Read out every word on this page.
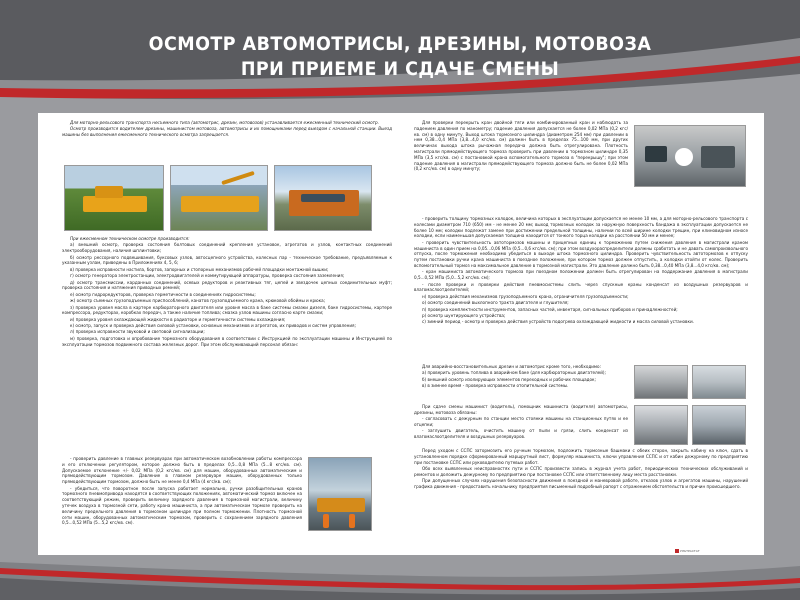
ОСМОТР АВТОМОТРИСЫ, ДРЕЗИНЫ, МОТОВОЗА
ПРИ ПРИЕМЕ И СДАЧЕ СМЕНЫ

Для моторно-рельсового транспорта несъемного типа (автомотрис, дрезин, мотовозов) устанавливается ежесменный технический осмотр.

Осмотр производится водителем дрезины, машинистом мотовоза, автомотрисы и их помощниками перед выездом с начальной станции. Выезд машины без выполнения ежесменного технического осмотра запрещается.

При ежесменном техническом осмотре производится:

а) внешний осмотр, проверка состояния болтовых соединений крепления установок, агрегатов и узлов, контактных соединений электрооборудования, наличия шплинтовки;

б) осмотр рессорного подвешивания, буксовых узлов, автосцепного устройства, колесных пар - техническое требование, предъявляемые к указанным узлам, приведены в Приложениях 4, 5, 6;

в) проверка исправности настила, бортов, запорных и стопорных механизмов рабочей площадки монтажной вышки;

г) осмотр генератора электростанции, электродвигателей и коммутирующей аппаратуры, проверка состояния заземления;

д) осмотр трансмиссии, карданных соединений, осевых редукторов и реактивных тяг, цепей и звездочек цепных соединительных муфт; проверка состояния и натяжения приводных ремней;

е) осмотр гидроредукторов, проверка герметичности в соединениях гидросистемы;

ж) осмотр съемных грузоподъемных приспособлений, канатов грузоподъемного крана, крюковой обоймы и крюка;

з) проверка уровня масла в картере карбюраторного двигателя или уровня масла в баке системы смазки дизеля, баке гидросистемы, картере компрессора, редукторах, коробках передач, а также наличие топлива; смазка узлов машины согласно карте смазки;

и) проверка уровня охлаждающей жидкости в радиаторе и герметичности системы охлаждения;

к) осмотр, запуск и проверка действия силовой установки, основных механизмов и агрегатов, их приводов и систем управления;

л) проверка исправности звуковой и световой сигнализации;

м) проверка, подготовка и опробование тормозного оборудования в соответствии с Инструкцией по эксплуатации машины и Инструкцией по эксплуатации тормозов подвижного состава железных дорог. При этом обслуживающий персонал обязан:

- проверить давление в главных резервуарах при автоматическом возобновлении работы компрессора и его отключении регулятором, которое должно быть в пределах 0,5...0,8 МПа (5...8 кгс/кв. см). Допускаемое отклонение +/- 0,02 МПа (0,2 кгс/кв. см) для машин, оборудованных автоматическим и прямодействующим тормозом. Давление в главном резервуаре машин, оборудованных только прямодействующим тормозом, должно быть не менее 0,4 МПа (4 кгс/кв. см);

- убедиться, что поворотное после запуска работает нормально, ручки разобщительных кранов тормозного пневмопривода находятся в соответствующих положениях, автоматический тормоз включен на соответствующий режим, проверить величину зарядного давления в тормозной магистрали, величину утечек воздуха в тормозной сети, работу крана машиниста, а при автоматическом тормозе проверить на величину предельного давления в тормозном цилиндре при полном торможении. Плотность тормозной сети машин, оборудованных автоматическим тормозом, проверить с сохранением зарядного давления 0,5...0,52 МПа (5...5,2 кгс/кв. см).

Для проверки перекрыть кран двойной тяги или комбинированный кран и наблюдать за падением давления по манометру; падение давления допускается не более 0,02 МПа (0,2 кгс/кв. см) в одну минуту. Выход штока тормозного цилиндра (диаметром 254 мм) при давлении в нем 0,38...0,4 МПа (3,8...4,0 кгс/кв. см) должен быть в пределах 75...100 мм, при других величинах выхода штока рычажная передача должна быть отрегулирована. Плотность магистрали прямодействующего тормоза проверить при давлении в тормозном цилиндре 0,35 МПа (3,5 кгс/кв. см) с постановкой крана вспомогательного тормоза в "перекрышу"; при этом падение давления в магистрали прямодействующего тормоза должно быть не более 0,02 МПа (0,2 кгс/кв. см) в одну минуту;

- проверить толщину тормозных колодок, величина которых в эксплуатации допускается не менее 10 мм, а для моторно-рельсового транспорта с колесами диаметром 710 (650) мм - не менее 20 мм; выход тормозных колодок за наружную поверхность бандажа в эксплуатации допускается не более 10 мм; колодки подлежат замене при достижении предельной толщины, наличии по всей ширине колодки трещин, при клиновидном износе колодки, если наименьшая допускаемая толщина находится от тонкого торца колодки на расстоянии 50 мм и менее;

- проверить чувствительность автотормозов машины и прицепных единиц к торможению путем снижения давления в магистрали краном машиниста в один прием на 0,05...0,06 МПа (0,5...0,6 кгс/кв. см); при этом воздухораспределители должны сработать и не давать самопроизвольного отпуска, после торможения необходимо убедиться в выходе штока тормозного цилиндра. Проверить чувствительность автотормозов к отпуску путем постановки ручки крана машиниста в поездное положение, при котором тормоз должен отпустить, а колодки отойти от колес. Проверить вспомогательный тормоз на максимальное давление в тормозной магистрали. Это давление должно быть 0,38...0,40 МПа (3,8...4,0 кгс/кв. см);

- кран машиниста автоматического тормоза при поездном положении должен быть отрегулирован на поддержание давления в магистрали 0,5...0,52 МПа (5,0...5,2 кгс/кв. см);

- после проверки и проверки действия пневмосистемы слить через спускные краны конденсат из воздушных резервуаров и влагомаслоотделителей;

н) проверка действия механизмов грузоподъемного крана, ограничителя грузоподъемности;

о) осмотр соединений выхлопного тракта двигателя и глушителя;

п) проверка комплектности инструментов, запасных частей, инвентаря, сигнальных приборов и принадлежностей;

р) осмотр шунтирующего устройства;

с) зимний период - осмотр и проверка действия устройств подогрева охлаждающей жидкости и масла силовой установки.

Для аварийно-восстановительных дрезин и автомотрис кроме того, необходимо:

а) проверить уровень топлива в аварийном баке (для карбюраторных двигателей);

б) внешний осмотр изолирующих элементов переходных и рабочих площадок;

в) в зимнее время - проверка исправности отопительной системы.

При сдаче смены машинист (водитель), помощник машиниста (водителя) автомотрисы, дрезины, мотовоза обязаны:

- согласовать с дежурным по станции место стоянки машины на станционных путях и ее отцепки;

- заглушить двигатель, очистить машину от пыли и грязи, слить конденсат из влагомаслоотделителя и воздушных резервуаров.

Перед уходом с ССПС затормозить его ручным тормозом, подложить тормозные башмаки с обеих сторон, закрыть кабину на ключ, сдать в установленном порядке сформированный маршрутный лист, формуляр машиниста, ключи управления ССПС и от кабин дежурному по предприятию при постановке ССПС или руководителю путевых работ.

Обо всех выявленных неисправностях пути и ССПС произвести запись в журнал учета работ, периодических технических обслуживаний и ремонтов и доложить дежурному по предприятию при постановке ССПС или ответственному лицу места расстановки.

При допущенных случаях нарушения безопасности движения в поездной и маневровой работе, отказов узлов и агрегатов машины, нарушений графика движения - предоставить начальнику предприятия письменный подробный рапорт с отражением обстоятельств и причин происшедшего.

УЛЬТРАСТАТ
